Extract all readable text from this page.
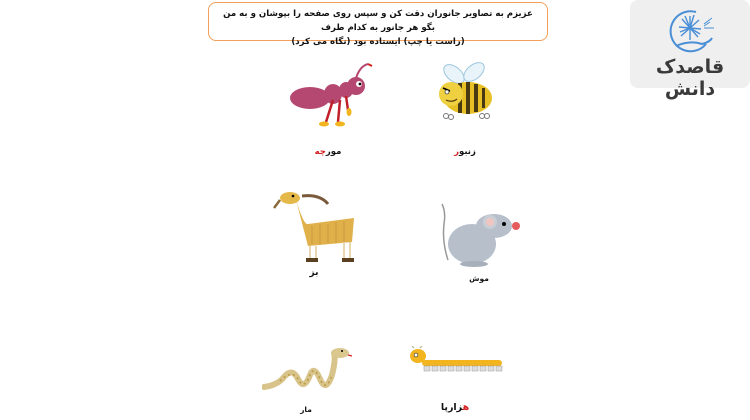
عزیزم به تصاویر جانوران دقت کن و سپس روی صفحه را بپوشان و به من بگو هر جانور به کدام طرف
(راست یا چپ) ایستاده بود (نگاه می کرد)
قاصدک دانش
مورچه	زنبور
بز
موش
مار	هزارپا
